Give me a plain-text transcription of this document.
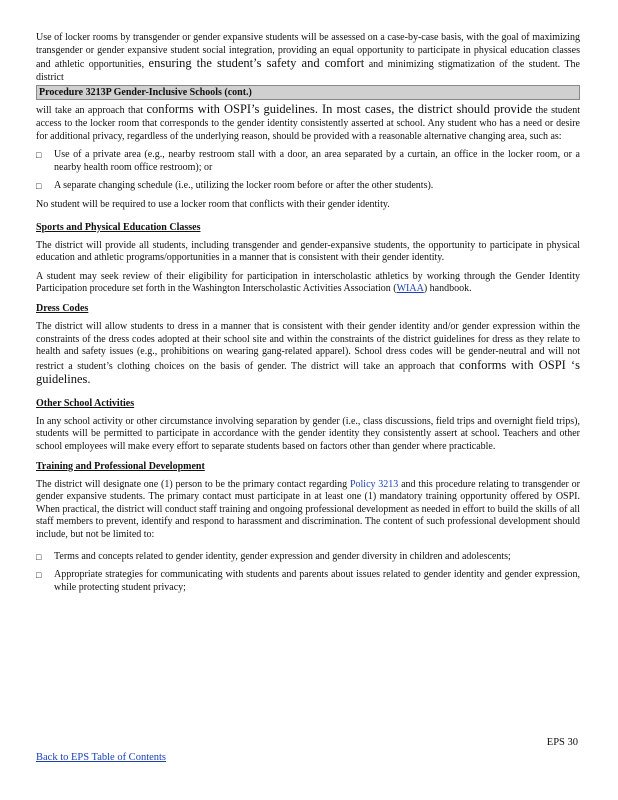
Use of locker rooms by transgender or gender expansive students will be assessed on a case-by-case basis, with the goal of maximizing transgender or gender expansive student social integration, providing an equal opportunity to participate in physical education classes and athletic opportunities, ensuring the student’s safety and comfort and minimizing stigmatization of the student. The district

Procedure 3213P Gender-Inclusive Schools (cont.)

will take an approach that conforms with OSPI’s guidelines. In most cases, the district should provide the student access to the locker room that corresponds to the gender identity consistently asserted at school. Any student who has a need or desire for additional privacy, regardless of the underlying reason, should be provided with a reasonable alternative changing area, such as:

□ Use of a private area (e.g., nearby restroom stall with a door, an area separated by a curtain, an office in the locker room, or a nearby health room office restroom); or
□ A separate changing schedule (i.e., utilizing the locker room before or after the other students).

No student will be required to use a locker room that conflicts with their gender identity.

Sports and Physical Education Classes

The district will provide all students, including transgender and gender-expansive students, the opportunity to participate in physical education and athletic programs/opportunities in a manner that is consistent with their gender identity.

A student may seek review of their eligibility for participation in interscholastic athletics by working through the Gender Identity Participation procedure set forth in the Washington Interscholastic Activities Association (WIAA) handbook.

Dress Codes

The district will allow students to dress in a manner that is consistent with their gender identity and/or gender expression within the constraints of the dress codes adopted at their school site and within the constraints of the district guidelines for dress as they relate to health and safety issues (e.g., prohibitions on wearing gang-related apparel). School dress codes will be gender-neutral and will not restrict a student’s clothing choices on the basis of gender. The district will take an approach that conforms with OSPI ‘s guidelines.

Other School Activities

In any school activity or other circumstance involving separation by gender (i.e., class discussions, field trips and overnight field trips), students will be permitted to participate in accordance with the gender identity they consistently assert at school. Teachers and other school employees will make every effort to separate students based on factors other than gender where practicable.

Training and Professional Development

The district will designate one (1) person to be the primary contact regarding Policy 3213 and this procedure relating to transgender or gender expansive students. The primary contact must participate in at least one (1) mandatory training opportunity offered by OSPI. When practical, the district will conduct staff training and ongoing professional development as needed in effort to build the skills of all staff members to prevent, identify and respond to harassment and discrimination. The content of such professional development should include, but not be limited to:

□ Terms and concepts related to gender identity, gender expression and gender diversity in children and adolescents;
□ Appropriate strategies for communicating with students and parents about issues related to gender identity and gender expression, while protecting student privacy;
EPS 30
Back to EPS Table of Contents
